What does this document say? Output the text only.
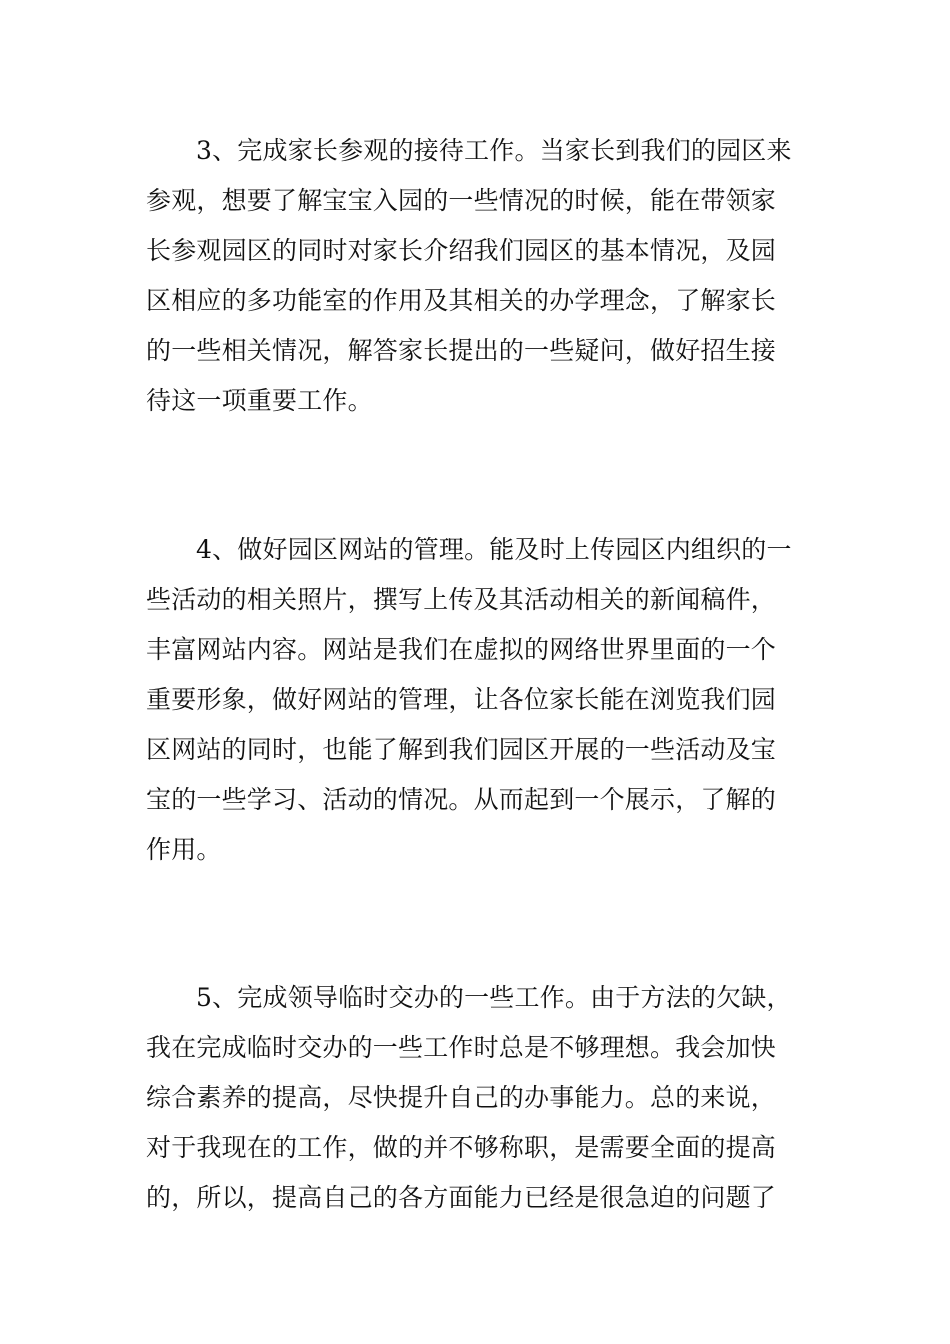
3、完成家长参观的接待工作。当家长到我们的园区来
参观，想要了解宝宝入园的一些情况的时候，能在带领家
长参观园区的同时对家长介绍我们园区的基本情况，及园
区相应的多功能室的作用及其相关的办学理念，了解家长
的一些相关情况，解答家长提出的一些疑问，做好招生接
待这一项重要工作。
4、做好园区网站的管理。能及时上传园区内组织的一
些活动的相关照片，撰写上传及其活动相关的新闻稿件，
丰富网站内容。网站是我们在虚拟的网络世界里面的一个
重要形象，做好网站的管理，让各位家长能在浏览我们园
区网站的同时，也能了解到我们园区开展的一些活动及宝
宝的一些学习、活动的情况。从而起到一个展示，了解的
作用。
5、完成领导临时交办的一些工作。由于方法的欠缺，
我在完成临时交办的一些工作时总是不够理想。我会加快
综合素养的提高，尽快提升自己的办事能力。总的来说，
对于我现在的工作，做的并不够称职，是需要全面的提高
的，所以，提高自己的各方面能力已经是很急迫的问题了
